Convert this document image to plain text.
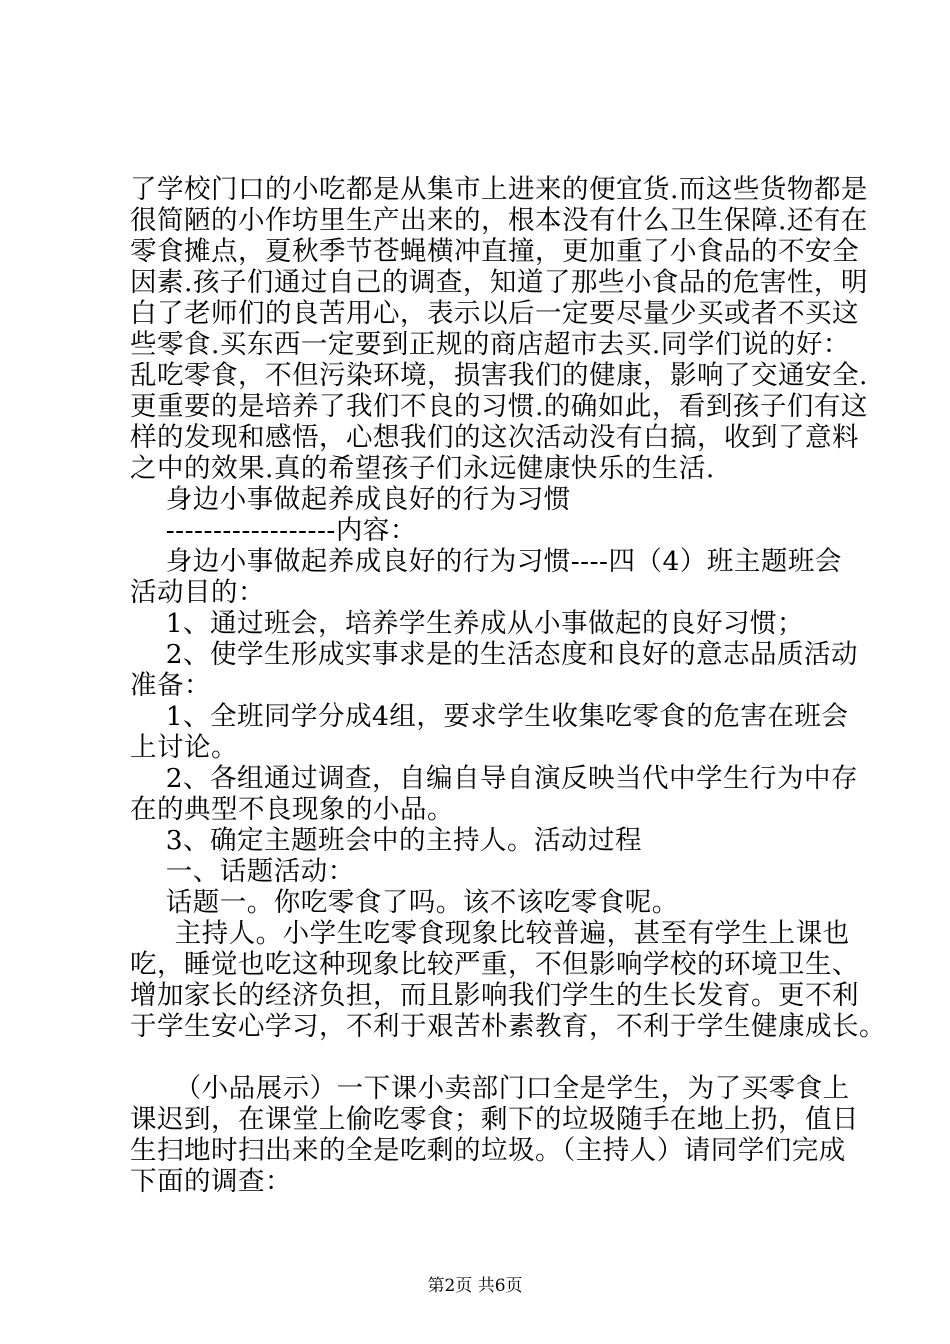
了学校门口的小吃都是从集市上进来的便宜货.而这些货物都是
很简陋的小作坊里生产出来的，根本没有什么卫生保障.还有在
零食摊点，夏秋季节苍蝇横冲直撞，更加重了小食品的不安全
因素.孩子们通过自己的调查，知道了那些小食品的危害性，明
白了老师们的良苦用心，表示以后一定要尽量少买或者不买这
些零食.买东西一定要到正规的商店超市去买.同学们说的好：
乱吃零食，不但污染环境，损害我们的健康，影响了交通安全.
更重要的是培养了我们不良的习惯.的确如此，看到孩子们有这
样的发现和感悟，心想我们的这次活动没有白搞，收到了意料
之中的效果.真的希望孩子们永远健康快乐的生活.
身边小事做起养成良好的行为习惯
------------------内容：
身边小事做起养成良好的行为习惯----四（4）班主题班会
活动目的：
1、通过班会，培养学生养成从小事做起的良好习惯；
2、使学生形成实事求是的生活态度和良好的意志品质活动
准备：
1、全班同学分成4组，要求学生收集吃零食的危害在班会
上讨论。
2、各组通过调查，自编自导自演反映当代中学生行为中存
在的典型不良现象的小品。
3、确定主题班会中的主持人。活动过程
一、话题活动：
话题一。你吃零食了吗。该不该吃零食呢。
主持人。小学生吃零食现象比较普遍，甚至有学生上课也
吃，睡觉也吃这种现象比较严重，不但影响学校的环境卫生、
增加家长的经济负担，而且影响我们学生的生长发育。更不利
于学生安心学习，不利于艰苦朴素教育，不利于学生健康成长。
（小品展示）一下课小卖部门口全是学生，为了买零食上
课迟到，在课堂上偷吃零食；剩下的垃圾随手在地上扔，值日
生扫地时扫出来的全是吃剩的垃圾。（主持人）请同学们完成
下面的调查：
第2页 共6页
